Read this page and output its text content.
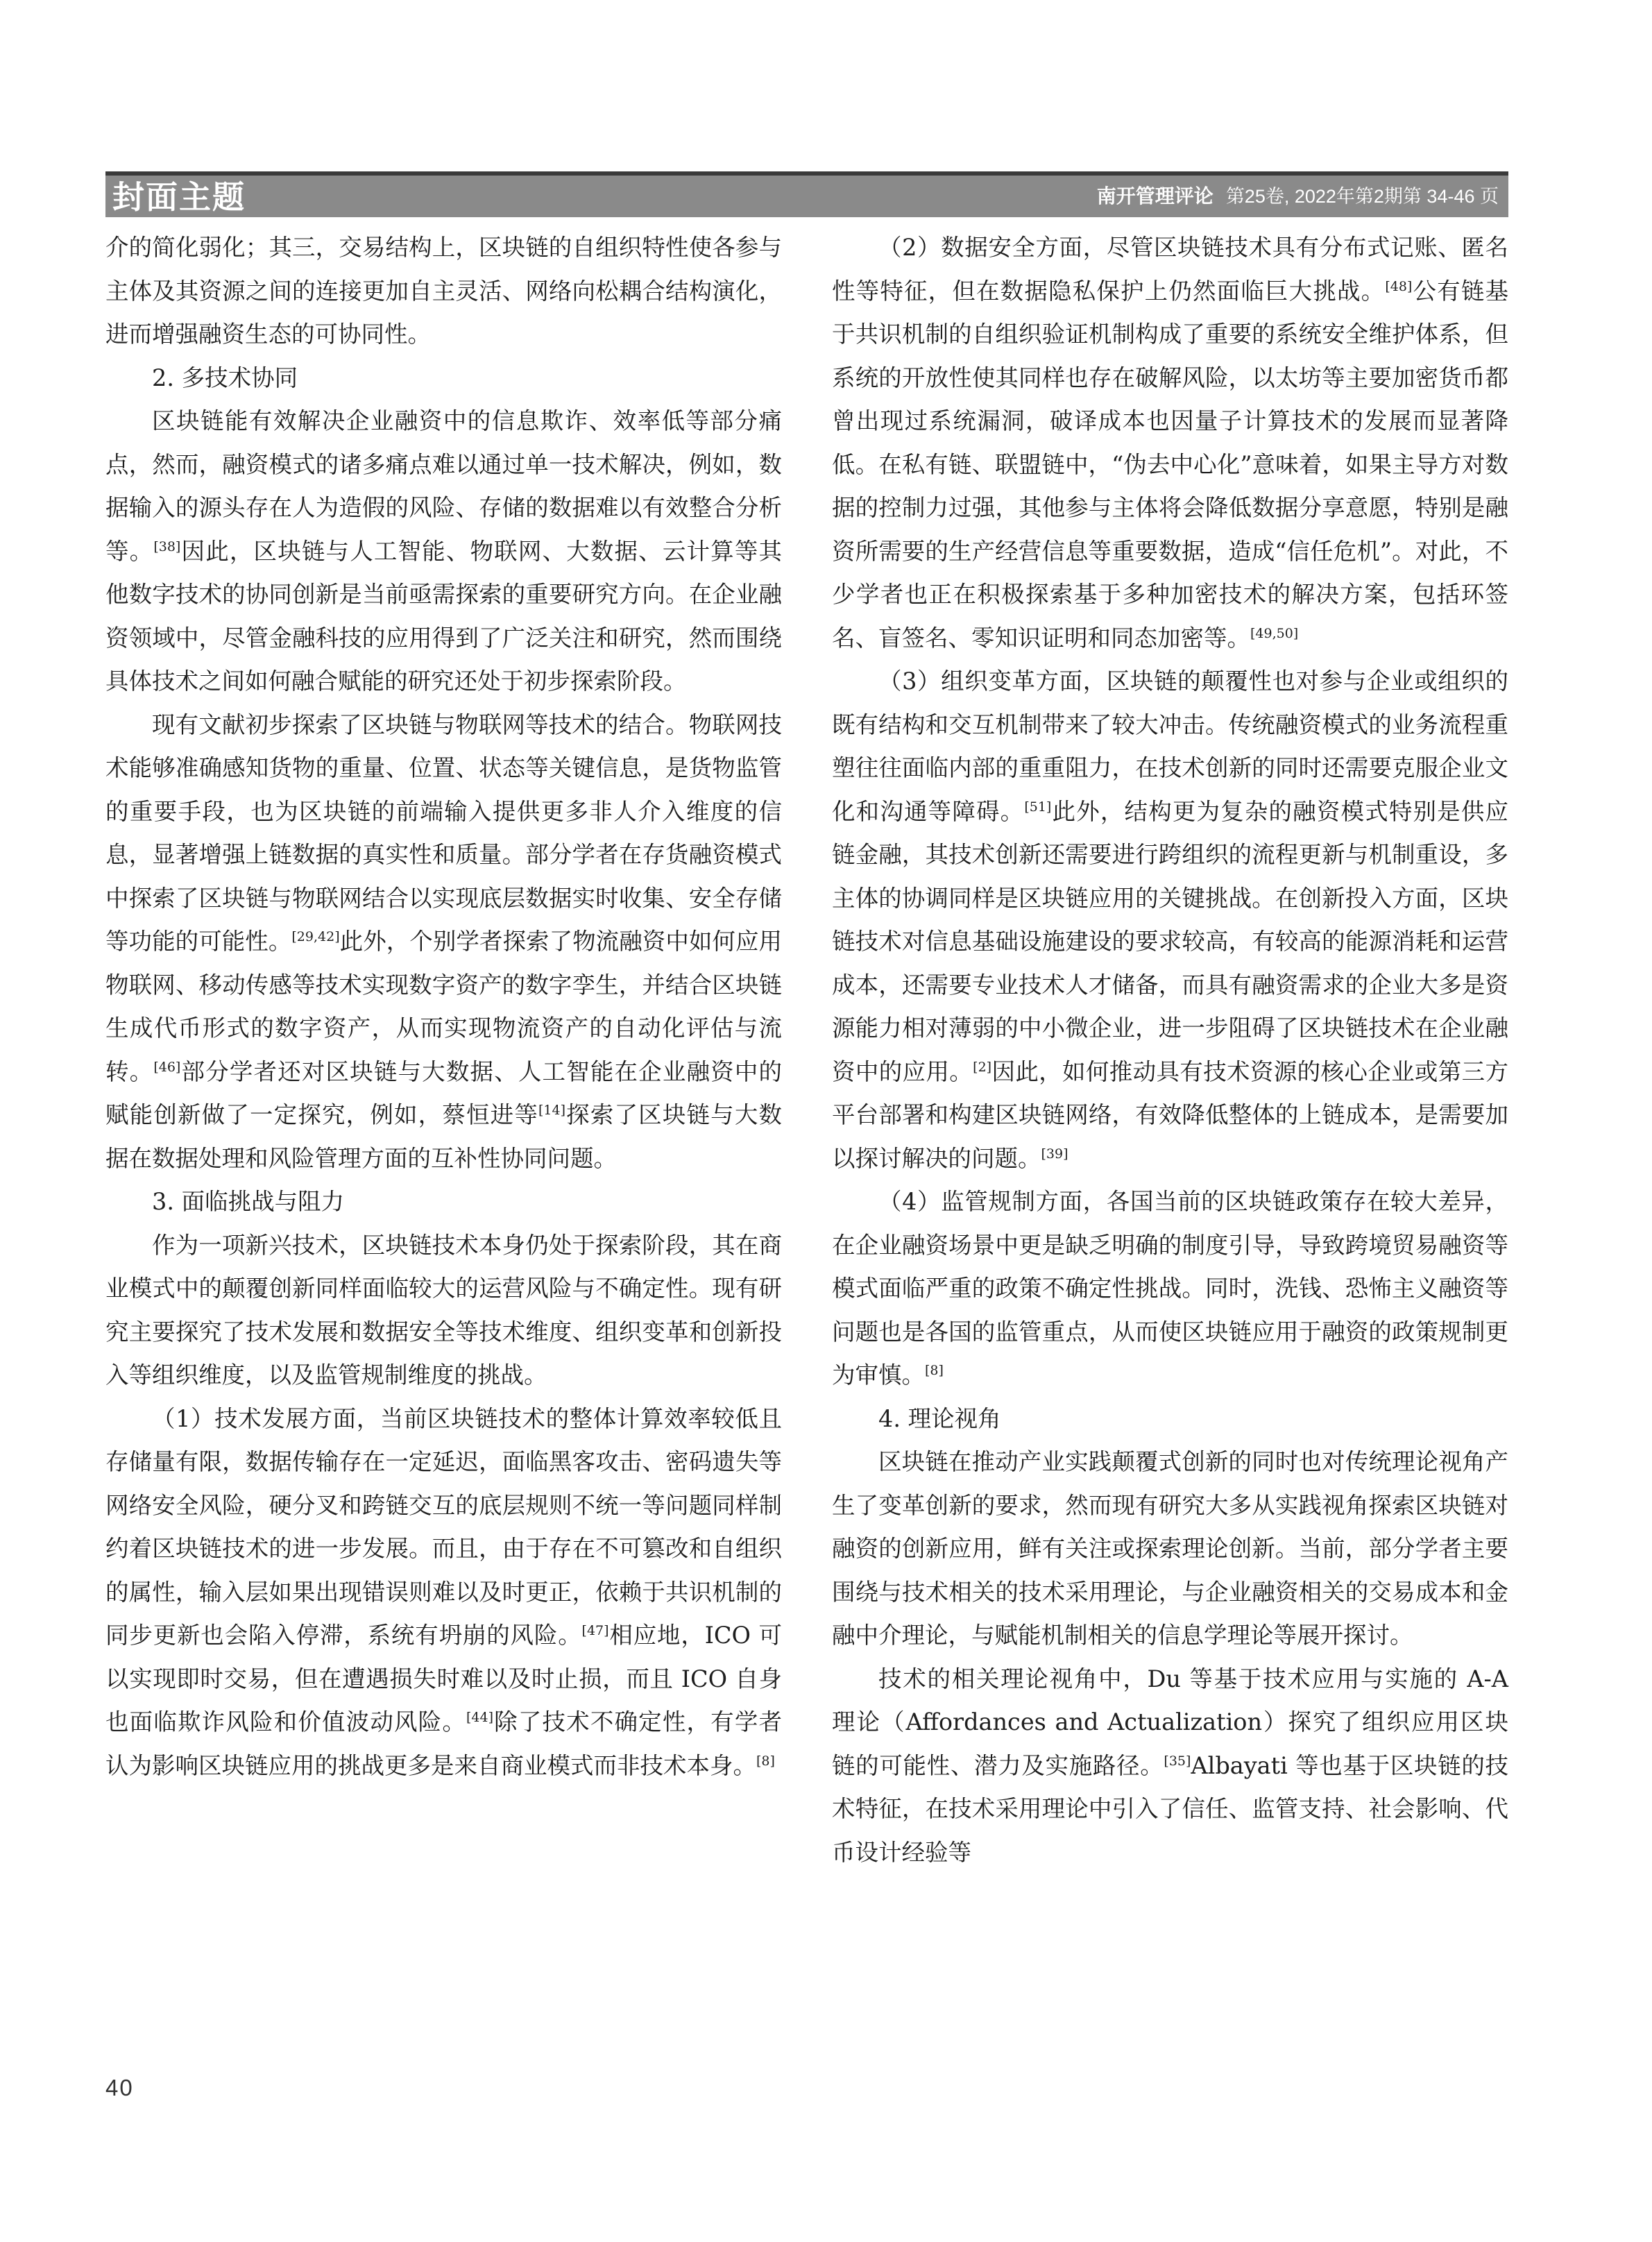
封面主题	南开管理评论 第25卷, 2022年第2期第 34-46 页

介的简化弱化；其三，交易结构上，区块链的自组织特性使各参与主体及其资源之间的连接更加自主灵活、网络向松耦合结构演化，进而增强融资生态的可协同性。

2. 多技术协同

区块链能有效解决企业融资中的信息欺诈、效率低等部分痛点，然而，融资模式的诸多痛点难以通过单一技术解决，例如，数据输入的源头存在人为造假的风险、存储的数据难以有效整合分析等。[38]因此，区块链与人工智能、物联网、大数据、云计算等其他数字技术的协同创新是当前亟需探索的重要研究方向。在企业融资领域中，尽管金融科技的应用得到了广泛关注和研究，然而围绕具体技术之间如何融合赋能的研究还处于初步探索阶段。

现有文献初步探索了区块链与物联网等技术的结合。物联网技术能够准确感知货物的重量、位置、状态等关键信息，是货物监管的重要手段，也为区块链的前端输入提供更多非人介入维度的信息，显著增强上链数据的真实性和质量。部分学者在存货融资模式中探索了区块链与物联网结合以实现底层数据实时收集、安全存储等功能的可能性。[29,42]此外，个别学者探索了物流融资中如何应用物联网、移动传感等技术实现数字资产的数字孪生，并结合区块链生成代币形式的数字资产，从而实现物流资产的自动化评估与流转。[46]部分学者还对区块链与大数据、人工智能在企业融资中的赋能创新做了一定探究，例如，蔡恒进等[14]探索了区块链与大数据在数据处理和风险管理方面的互补性协同问题。

3. 面临挑战与阻力

作为一项新兴技术，区块链技术本身仍处于探索阶段，其在商业模式中的颠覆创新同样面临较大的运营风险与不确定性。现有研究主要探究了技术发展和数据安全等技术维度、组织变革和创新投入等组织维度，以及监管规制维度的挑战。

（1）技术发展方面，当前区块链技术的整体计算效率较低且存储量有限，数据传输存在一定延迟，面临黑客攻击、密码遗失等网络安全风险，硬分叉和跨链交互的底层规则不统一等问题同样制约着区块链技术的进一步发展。而且，由于存在不可篡改和自组织的属性，输入层如果出现错误则难以及时更正，依赖于共识机制的同步更新也会陷入停滞，系统有坍崩的风险。[47]相应地，ICO 可以实现即时交易，但在遭遇损失时难以及时止损，而且 ICO 自身也面临欺诈风险和价值波动风险。[44]除了技术不确定性，有学者认为影响区块链应用的挑战更多是来自商业模式而非技术本身。[8]

（2）数据安全方面，尽管区块链技术具有分布式记账、匿名性等特征，但在数据隐私保护上仍然面临巨大挑战。[48]公有链基于共识机制的自组织验证机制构成了重要的系统安全维护体系，但系统的开放性使其同样也存在破解风险，以太坊等主要加密货币都曾出现过系统漏洞，破译成本也因量子计算技术的发展而显著降低。在私有链、联盟链中，“伪去中心化”意味着，如果主导方对数据的控制力过强，其他参与主体将会降低数据分享意愿，特别是融资所需要的生产经营信息等重要数据，造成“信任危机”。对此，不少学者也正在积极探索基于多种加密技术的解决方案，包括环签名、盲签名、零知识证明和同态加密等。[49,50]

（3）组织变革方面，区块链的颠覆性也对参与企业或组织的既有结构和交互机制带来了较大冲击。传统融资模式的业务流程重塑往往面临内部的重重阻力，在技术创新的同时还需要克服企业文化和沟通等障碍。[51]此外，结构更为复杂的融资模式特别是供应链金融，其技术创新还需要进行跨组织的流程更新与机制重设，多主体的协调同样是区块链应用的关键挑战。在创新投入方面，区块链技术对信息基础设施建设的要求较高，有较高的能源消耗和运营成本，还需要专业技术人才储备，而具有融资需求的企业大多是资源能力相对薄弱的中小微企业，进一步阻碍了区块链技术在企业融资中的应用。[2]因此，如何推动具有技术资源的核心企业或第三方平台部署和构建区块链网络，有效降低整体的上链成本，是需要加以探讨解决的问题。[39]

（4）监管规制方面，各国当前的区块链政策存在较大差异，在企业融资场景中更是缺乏明确的制度引导，导致跨境贸易融资等模式面临严重的政策不确定性挑战。同时，洗钱、恐怖主义融资等问题也是各国的监管重点，从而使区块链应用于融资的政策规制更为审慎。[8]

4. 理论视角

区块链在推动产业实践颠覆式创新的同时也对传统理论视角产生了变革创新的要求，然而现有研究大多从实践视角探索区块链对融资的创新应用，鲜有关注或探索理论创新。当前，部分学者主要围绕与技术相关的技术采用理论，与企业融资相关的交易成本和金融中介理论，与赋能机制相关的信息学理论等展开探讨。

技术的相关理论视角中，Du 等基于技术应用与实施的 A-A 理论（Affordances and Actualization）探究了组织应用区块链的可能性、潜力及实施路径。[35]Albayati 等也基于区块链的技术特征，在技术采用理论中引入了信任、监管支持、社会影响、代币设计经验等

40
